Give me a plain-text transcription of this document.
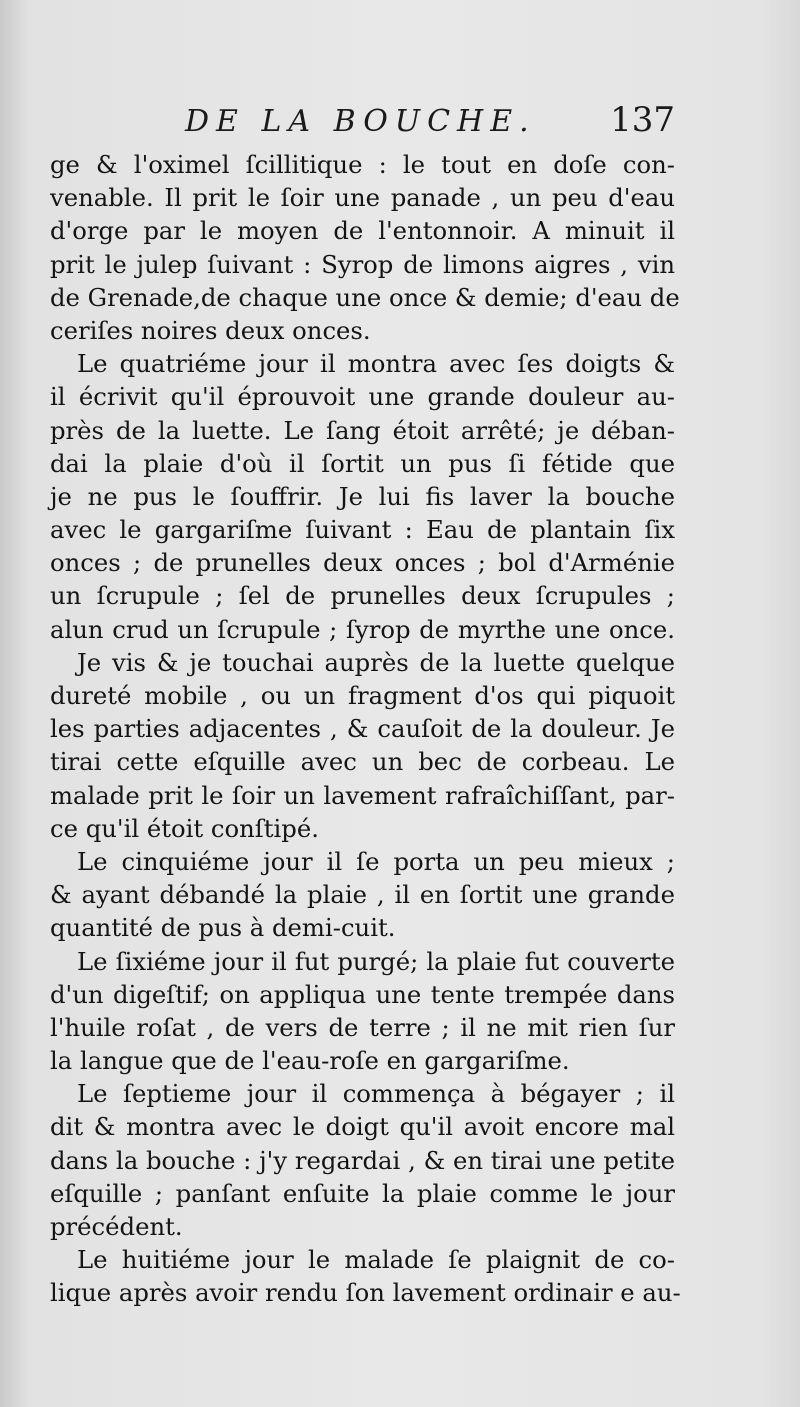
DE LA BOUCHE. 137
ge & l'oximel ſcillitique : le tout en doſe con-
venable. Il prit le ſoir une panade , un peu d'eau
d'orge par le moyen de l'entonnoir. A minuit il
prit le julep ſuivant : Syrop de limons aigres , vin
de Grenade,de chaque une once & demie; d'eau de
ceriſes noires deux onces.
Le quatriéme jour il montra avec ſes doigts &
il écrivit qu'il éprouvoit une grande douleur au-
près de la luette. Le ſang étoit arrêté; je déban-
dai la plaie d'où il ſortit un pus ſi fétide que
je ne pus le ſouffrir. Je lui fis laver la bouche
avec le gargariſme ſuivant : Eau de plantain ſix
onces ; de prunelles deux onces ; bol d'Arménie
un ſcrupule ; ſel de prunelles deux ſcrupules ;
alun crud un ſcrupule ; ſyrop de myrthe une once.
Je vis & je touchai auprès de la luette quelque
dureté mobile , ou un fragment d'os qui piquoit
les parties adjacentes , & cauſoit de la douleur. Je
tirai cette eſquille avec un bec de corbeau. Le
malade prit le ſoir un lavement rafraîchiſſant, par-
ce qu'il étoit conſtipé.
Le cinquiéme jour il ſe porta un peu mieux ;
& ayant débandé la plaie , il en ſortit une grande
quantité de pus à demi-cuit.
Le ſixiéme jour il fut purgé; la plaie fut couverte
d'un digeſtif; on appliqua une tente trempée dans
l'huile roſat , de vers de terre ; il ne mit rien ſur
la langue que de l'eau-roſe en gargariſme.
Le ſeptieme jour il commença à bégayer ; il
dit & montra avec le doigt qu'il avoit encore mal
dans la bouche : j'y regardai , & en tirai une petite
eſquille ; panſant enſuite la plaie comme le jour
précédent.
Le huitiéme jour le malade ſe plaignit de co-
lique après avoir rendu ſon lavement ordinair e au-
